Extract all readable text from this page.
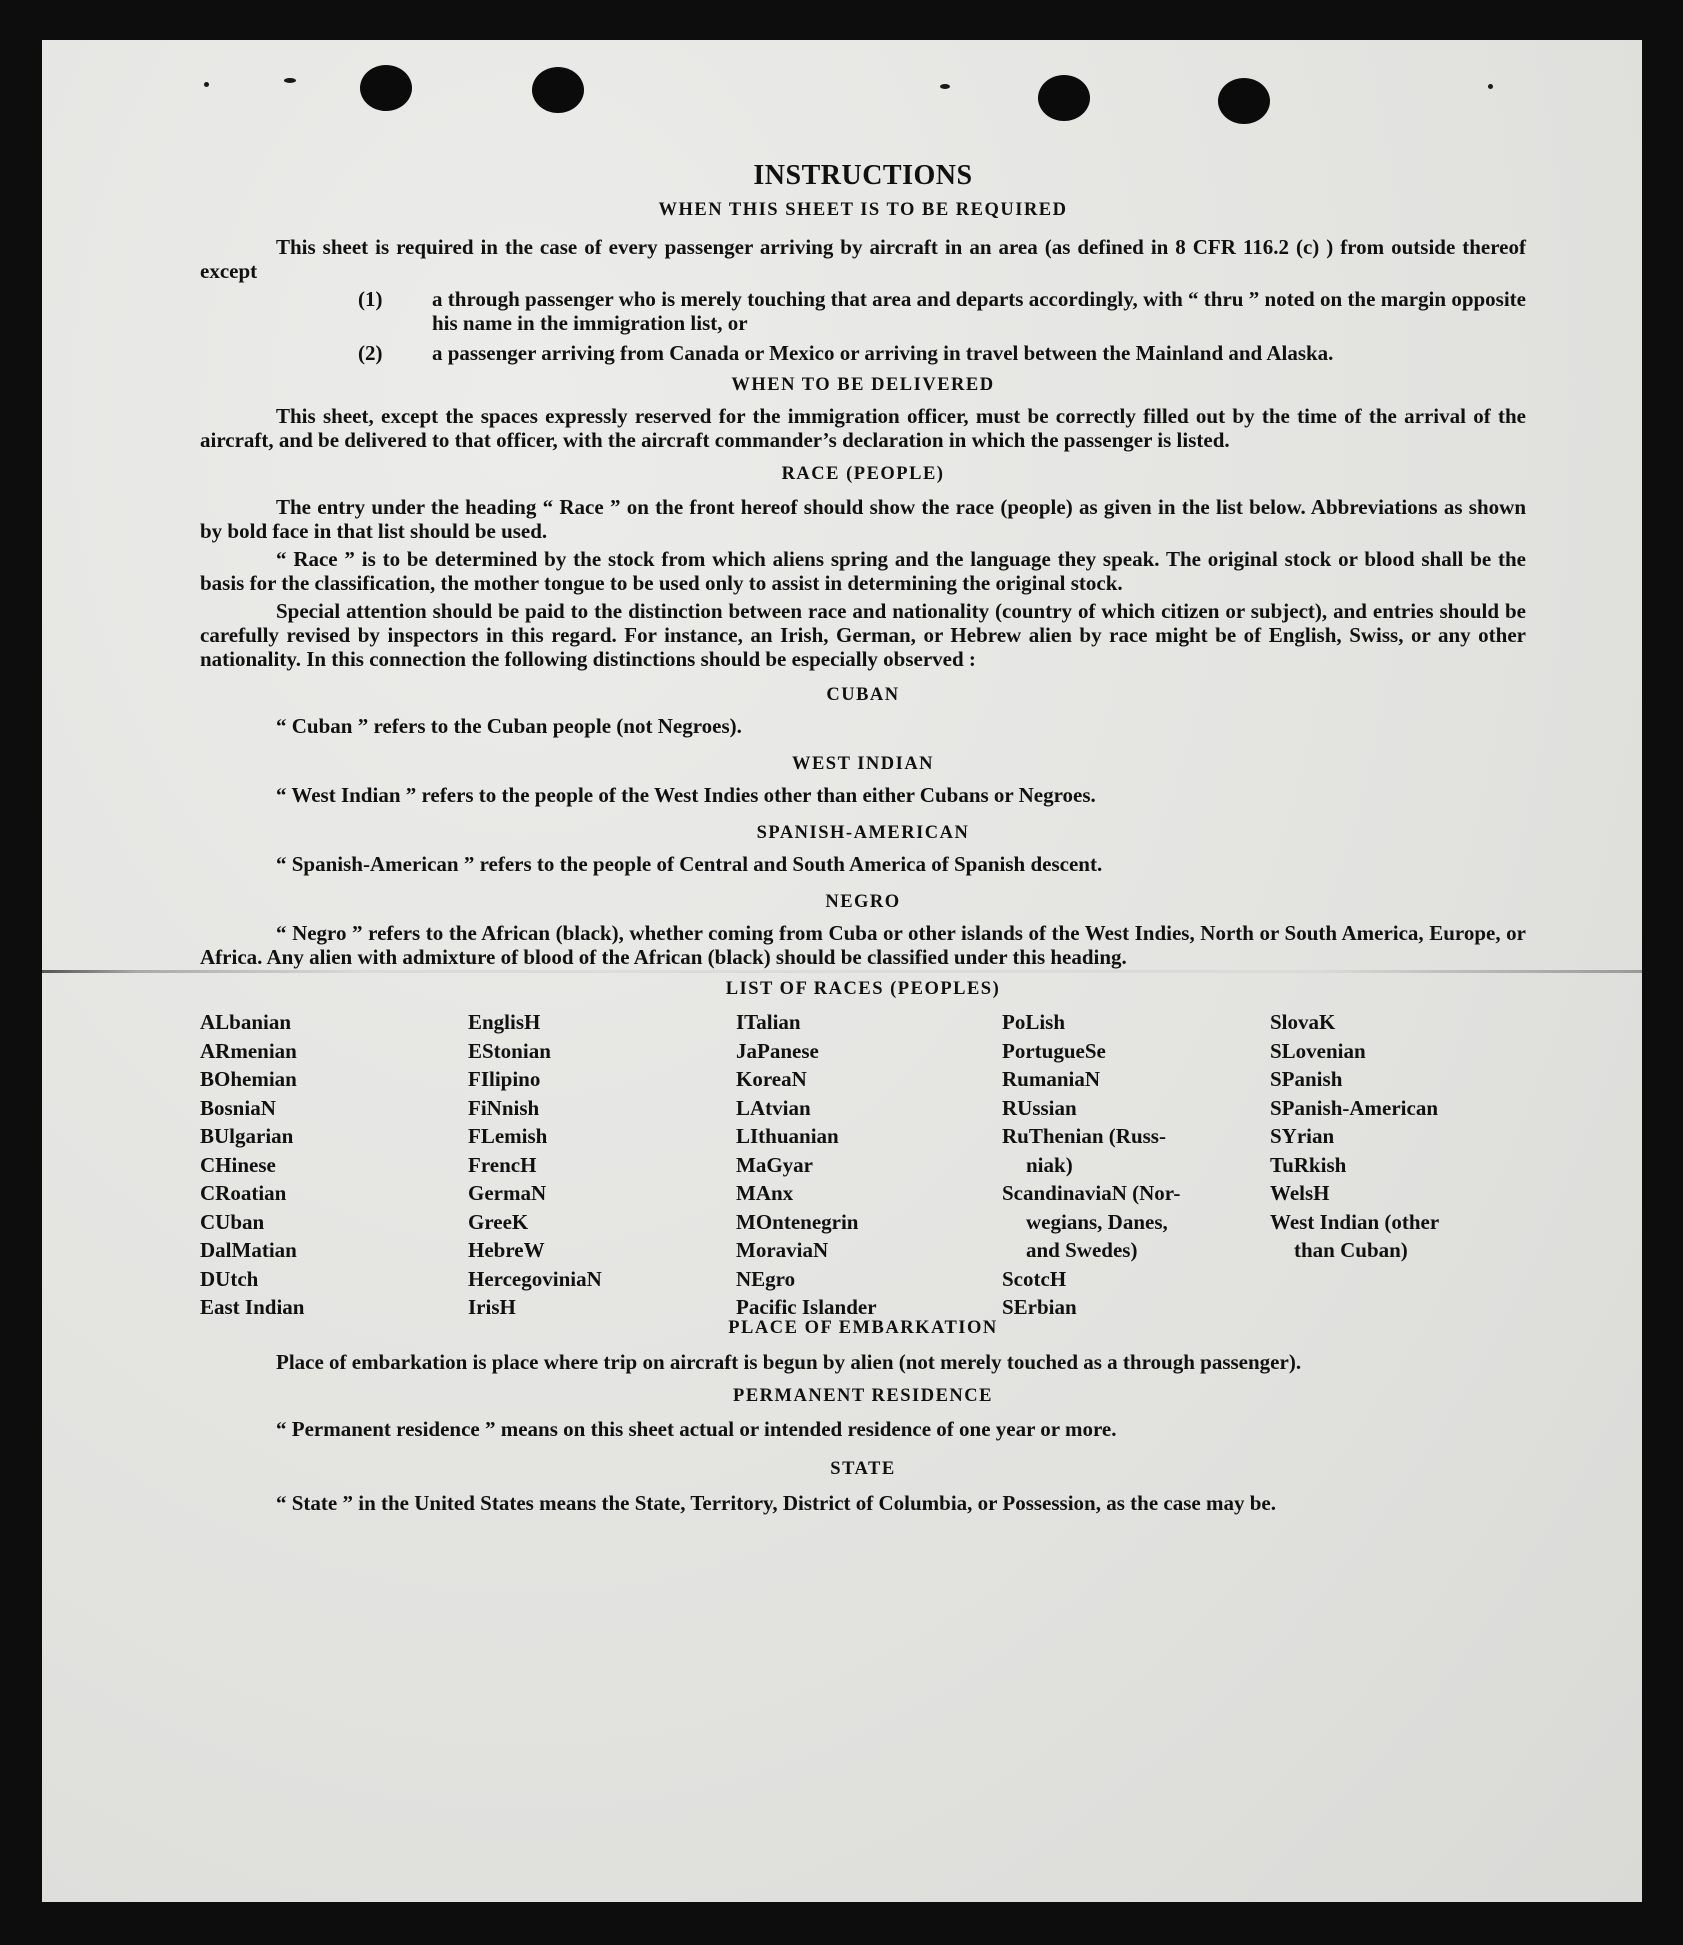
INSTRUCTIONS
WHEN THIS SHEET IS TO BE REQUIRED

This sheet is required in the case of every passenger arriving by aircraft in an area (as defined in 8 CFR 116.2 (c) ) from outside thereof except

(1) a through passenger who is merely touching that area and departs accordingly, with “ thru ” noted on the margin opposite his name in the immigration list, or
(2) a passenger arriving from Canada or Mexico or arriving in travel between the Mainland and Alaska.
WHEN TO BE DELIVERED

This sheet, except the spaces expressly reserved for the immigration officer, must be correctly filled out by the time of the arrival of the aircraft, and be delivered to that officer, with the aircraft commander’s declaration in which the passenger is listed.

RACE (PEOPLE)

The entry under the heading “ Race ” on the front hereof should show the race (people) as given in the list below. Abbreviations as shown by bold face in that list should be used.

“ Race ” is to be determined by the stock from which aliens spring and the language they speak. The original stock or blood shall be the basis for the classification, the mother tongue to be used only to assist in determining the original stock.

Special attention should be paid to the distinction between race and nationality (country of which citizen or subject), and entries should be carefully revised by inspectors in this regard. For instance, an Irish, German, or Hebrew alien by race might be of English, Swiss, or any other nationality. In this connection the following distinctions should be especially observed :

CUBAN

“ Cuban ” refers to the Cuban people (not Negroes).

WEST INDIAN

“ West Indian ” refers to the people of the West Indies other than either Cubans or Negroes.

SPANISH-AMERICAN

“ Spanish-American ” refers to the people of Central and South America of Spanish descent.

NEGRO

“ Negro ” refers to the African (black), whether coming from Cuba or other islands of the West Indies, North or South America, Europe, or Africa. Any alien with admixture of blood of the African (black) should be classified under this heading.

LIST OF RACES (PEOPLES)
ALbanian
ARmenian
BOhemian
BosniaN
BUlgarian
CHinese
CRoatian
CUban
DalMatian
DUtch
East Indian
EnglisH
EStonian
FIlipino
FiNnish
FLemish
FrencH
GermaN
GreeK
HebreW
HercegoviniaN
IrisH
ITalian
JaPanese
KoreaN
LAtvian
LIthuanian
MaGyar
MAnx
MOntenegrin
MoraviaN
NEgro
Pacific Islander
PoLish
PortugueSe
RumaniaN
RUssian
RuThenian (Russ-
niak)
ScandinaviaN (Nor-
wegians, Danes,
and Swedes)
ScotcH
SErbian
SlovaK
SLovenian
SPanish
SPanish-American
SYrian
TuRkish
WelsH
West Indian (other
than Cuban)
PLACE OF EMBARKATION

Place of embarkation is place where trip on aircraft is begun by alien (not merely touched as a through passenger).

PERMANENT RESIDENCE

“ Permanent residence ” means on this sheet actual or intended residence of one year or more.

STATE

“ State ” in the United States means the State, Territory, District of Columbia, or Possession, as the case may be.
